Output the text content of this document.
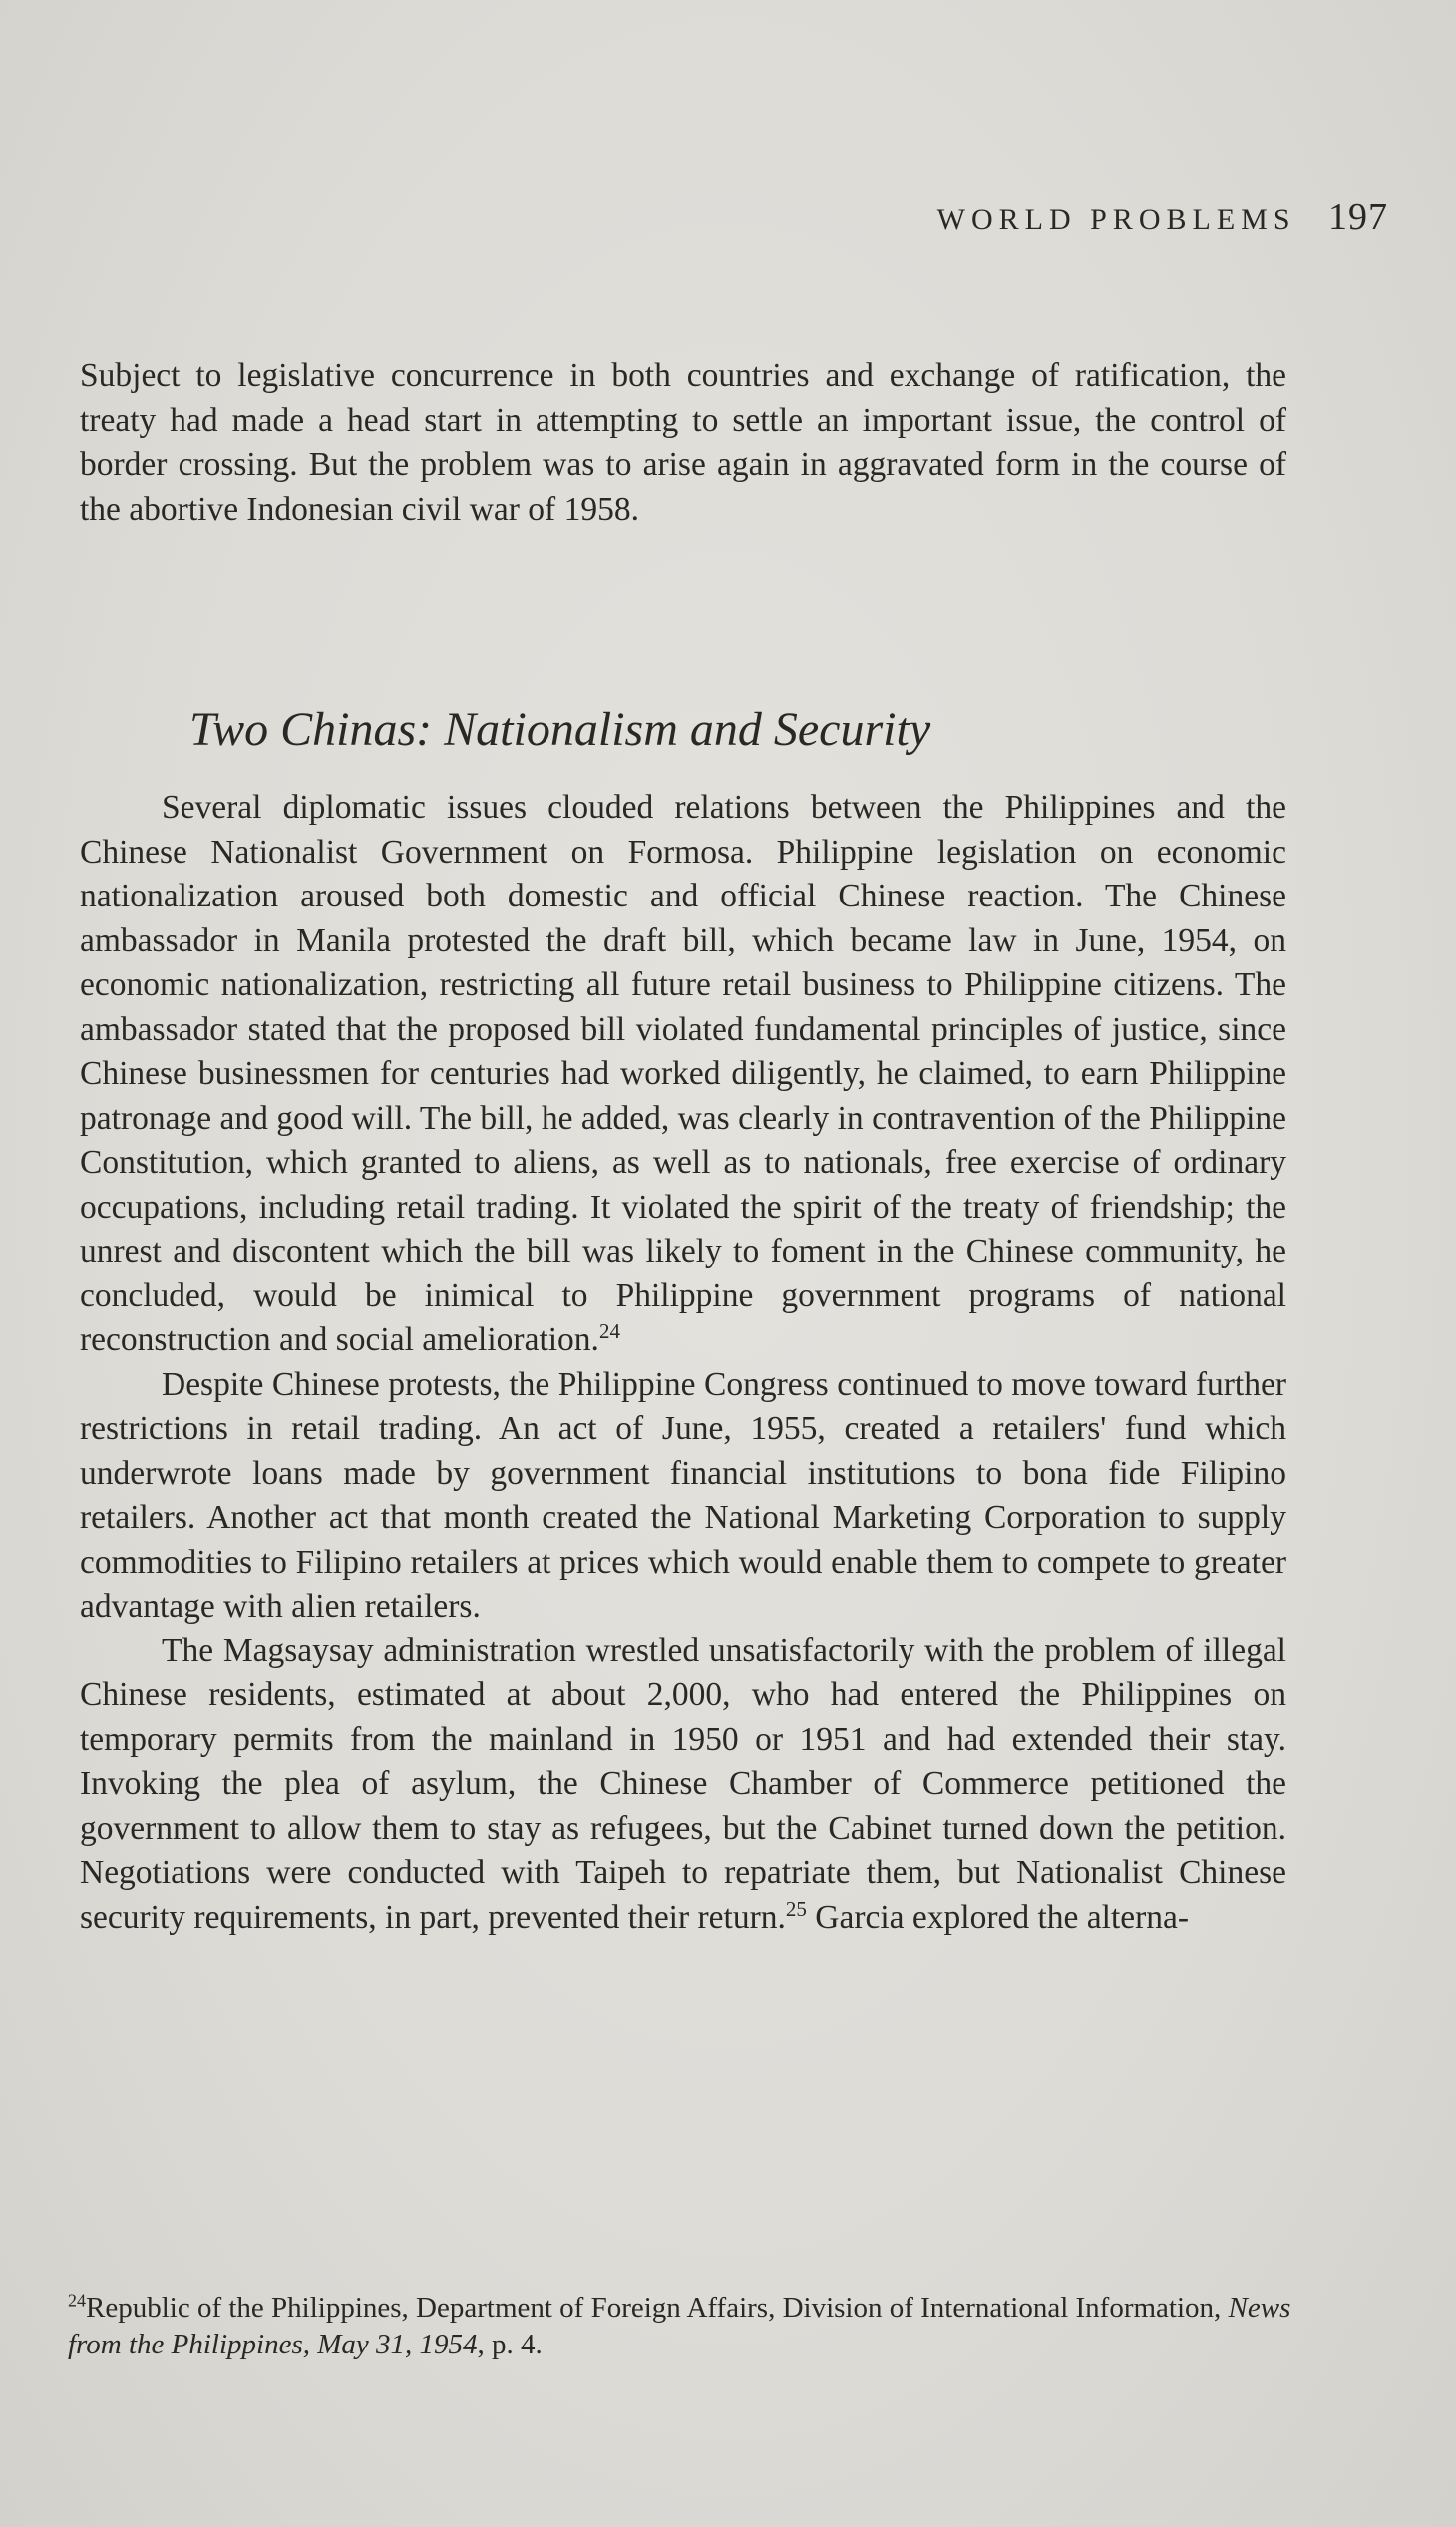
WORLD PROBLEMS 197

Subject to legislative concurrence in both countries and exchange of ratification, the treaty had made a head start in attempting to settle an important issue, the control of border crossing. But the problem was to arise again in aggravated form in the course of the abortive Indonesian civil war of 1958.

Two Chinas: Nationalism and Security

Several diplomatic issues clouded relations between the Philippines and the Chinese Nationalist Government on Formosa. Philippine legislation on economic nationalization aroused both domestic and official Chinese reaction. The Chinese ambassador in Manila protested the draft bill, which became law in June, 1954, on economic nationalization, restricting all future retail business to Philippine citizens. The ambassador stated that the proposed bill violated fundamental principles of justice, since Chinese businessmen for centuries had worked diligently, he claimed, to earn Philippine patronage and good will. The bill, he added, was clearly in contravention of the Philippine Constitution, which granted to aliens, as well as to nationals, free exercise of ordinary occupations, including retail trading. It violated the spirit of the treaty of friendship; the unrest and discontent which the bill was likely to foment in the Chinese community, he concluded, would be inimical to Philippine government programs of national reconstruction and social amelioration.$^{24}$

Despite Chinese protests, the Philippine Congress continued to move toward further restrictions in retail trading. An act of June, 1955, created a retailers' fund which underwrote loans made by government financial institutions to bona fide Filipino retailers. Another act that month created the National Marketing Corporation to supply commodities to Filipino retailers at prices which would enable them to compete to greater advantage with alien retailers.

The Magsaysay administration wrestled unsatisfactorily with the problem of illegal Chinese residents, estimated at about 2,000, who had entered the Philippines on temporary permits from the mainland in 1950 or 1951 and had extended their stay. Invoking the plea of asylum, the Chinese Chamber of Commerce petitioned the government to allow them to stay as refugees, but the Cabinet turned down the petition. Negotiations were conducted with Taipeh to repatriate them, but Nationalist Chinese security requirements, in part, prevented their return.$^{25}$ Garcia explored the alterna-

$^{24}$Republic of the Philippines, Department of Foreign Affairs, Division of International Information, News from the Philippines, May 31, 1954, p. 4.
